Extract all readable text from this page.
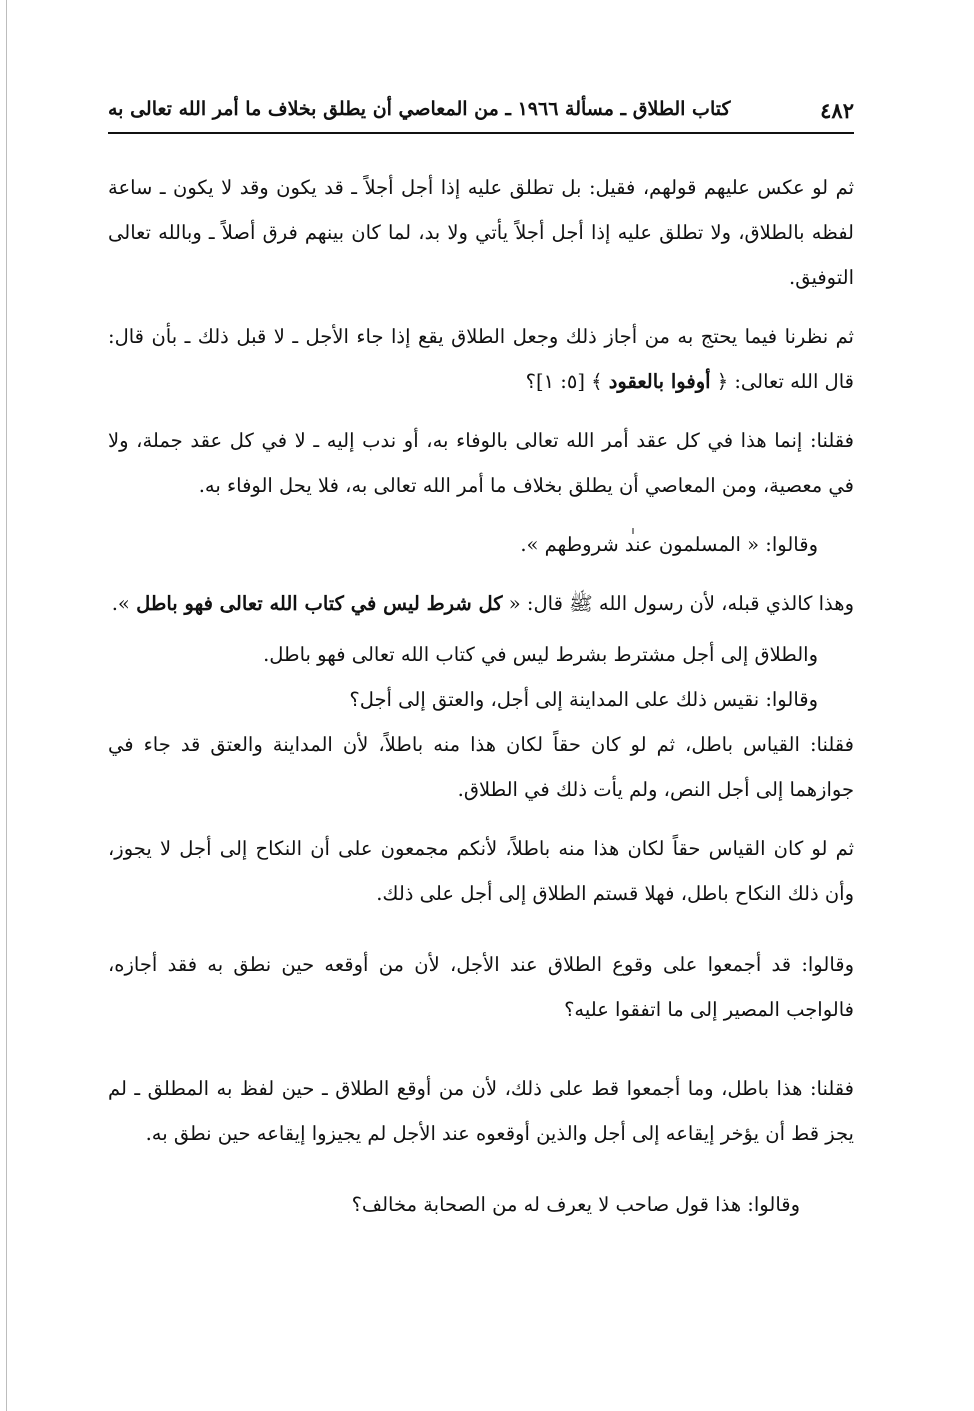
٤٨٢
كتاب الطلاق ـ مسألة ١٩٦٦ ـ من المعاصي أن يطلق بخلاف ما أمر الله تعالى به

ثم لو عكس عليهم قولهم، فقيل: بل تطلق عليه إذا أجل أجلاً ـ قد يكون وقد لا يكون ـ ساعة لفظه بالطلاق، ولا تطلق عليه إذا أجل أجلاً يأتي ولا بد، لما كان بينهم فرق أصلاً ـ وبالله تعالى التوفيق.

ثم نظرنا فيما يحتج به من أجاز ذلك وجعل الطلاق يقع إذا جاء الأجل ـ لا قبل ذلك ـ بأن قال: قال الله تعالى: ﴿ أوفوا بالعقود ﴾ [٥: ١]؟

فقلنا: إنما هذا في كل عقد أمر الله تعالى بالوفاء به، أو ندب إليه ـ لا في كل عقد جملة، ولا في معصية، ومن المعاصي أن يطلق بخلاف ما أمر الله تعالى به، فلا يحل الوفاء به.

وقالوا: « المسلمون عند شروطهم ».

وهذا كالذي قبله، لأن رسول الله ﷺ قال: « كل شرط ليس في كتاب الله تعالى فهو باطل ».

والطلاق إلى أجل مشترط بشرط ليس في كتاب الله تعالى فهو باطل.

وقالوا: نقيس ذلك على المداينة إلى أجل، والعتق إلى أجل؟

فقلنا: القياس باطل، ثم لو كان حقاً لكان هذا منه باطلاً، لأن المداينة والعتق قد جاء في جوازهما إلى أجل النص، ولم يأت ذلك في الطلاق.

ثم لو كان القياس حقاً لكان هذا منه باطلاً، لأنكم مجمعون على أن النكاح إلى أجل لا يجوز، وأن ذلك النكاح باطل، فهلا قستم الطلاق إلى أجل على ذلك.

وقالوا: قد أجمعوا على وقوع الطلاق عند الأجل، لأن من أوقعه حين نطق به فقد أجازه، فالواجب المصير إلى ما اتفقوا عليه؟

فقلنا: هذا باطل، وما أجمعوا قط على ذلك، لأن من أوقع الطلاق ـ حين لفظ به المطلق ـ لم يجز قط أن يؤخر إيقاعه إلى أجل والذين أوقعوه عند الأجل لم يجيزوا إيقاعه حين نطق به.

وقالوا: هذا قول صاحب لا يعرف له من الصحابة مخالف؟
